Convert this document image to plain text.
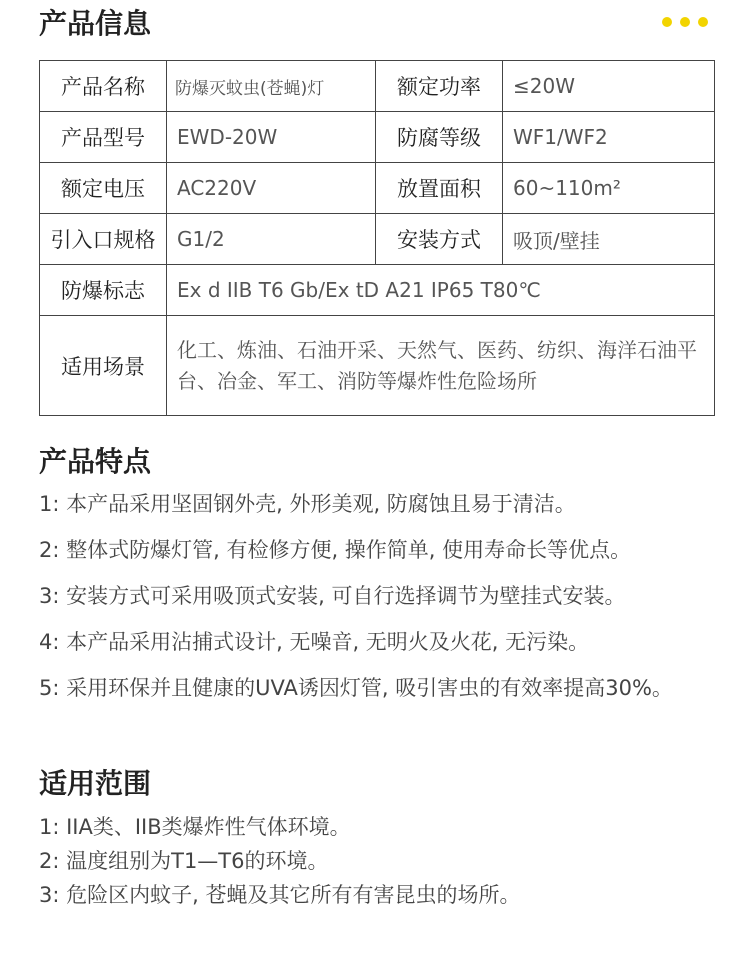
产品信息
产品名称	防爆灭蚊虫(苍蝇)灯	额定功率	≤20W
产品型号	EWD-20W	防腐等级	WF1/WF2
额定电压	AC220V	放置面积	60~110m²
引入口规格	G1/2	安装方式	吸顶/壁挂
防爆标志	Ex d IIB T6 Gb/Ex tD A21 IP65 T80℃		
适用场景	化工、炼油、石油开采、天然气、医药、纺织、海洋石油平台、冶金、军工、消防等爆炸性危险场所		
产品特点
1: 本产品采用坚固钢外壳, 外形美观, 防腐蚀且易于清洁。
2: 整体式防爆灯管, 有检修方便, 操作简单, 使用寿命长等优点。
3: 安装方式可采用吸顶式安装, 可自行选择调节为壁挂式安装。
4: 本产品采用沾捕式设计, 无噪音, 无明火及火花, 无污染。
5: 采用环保并且健康的UVA诱因灯管, 吸引害虫的有效率提高30%。
适用范围
1: IIA类、IIB类爆炸性气体环境。
2: 温度组别为T1—T6的环境。
3: 危险区内蚊子, 苍蝇及其它所有有害昆虫的场所。
